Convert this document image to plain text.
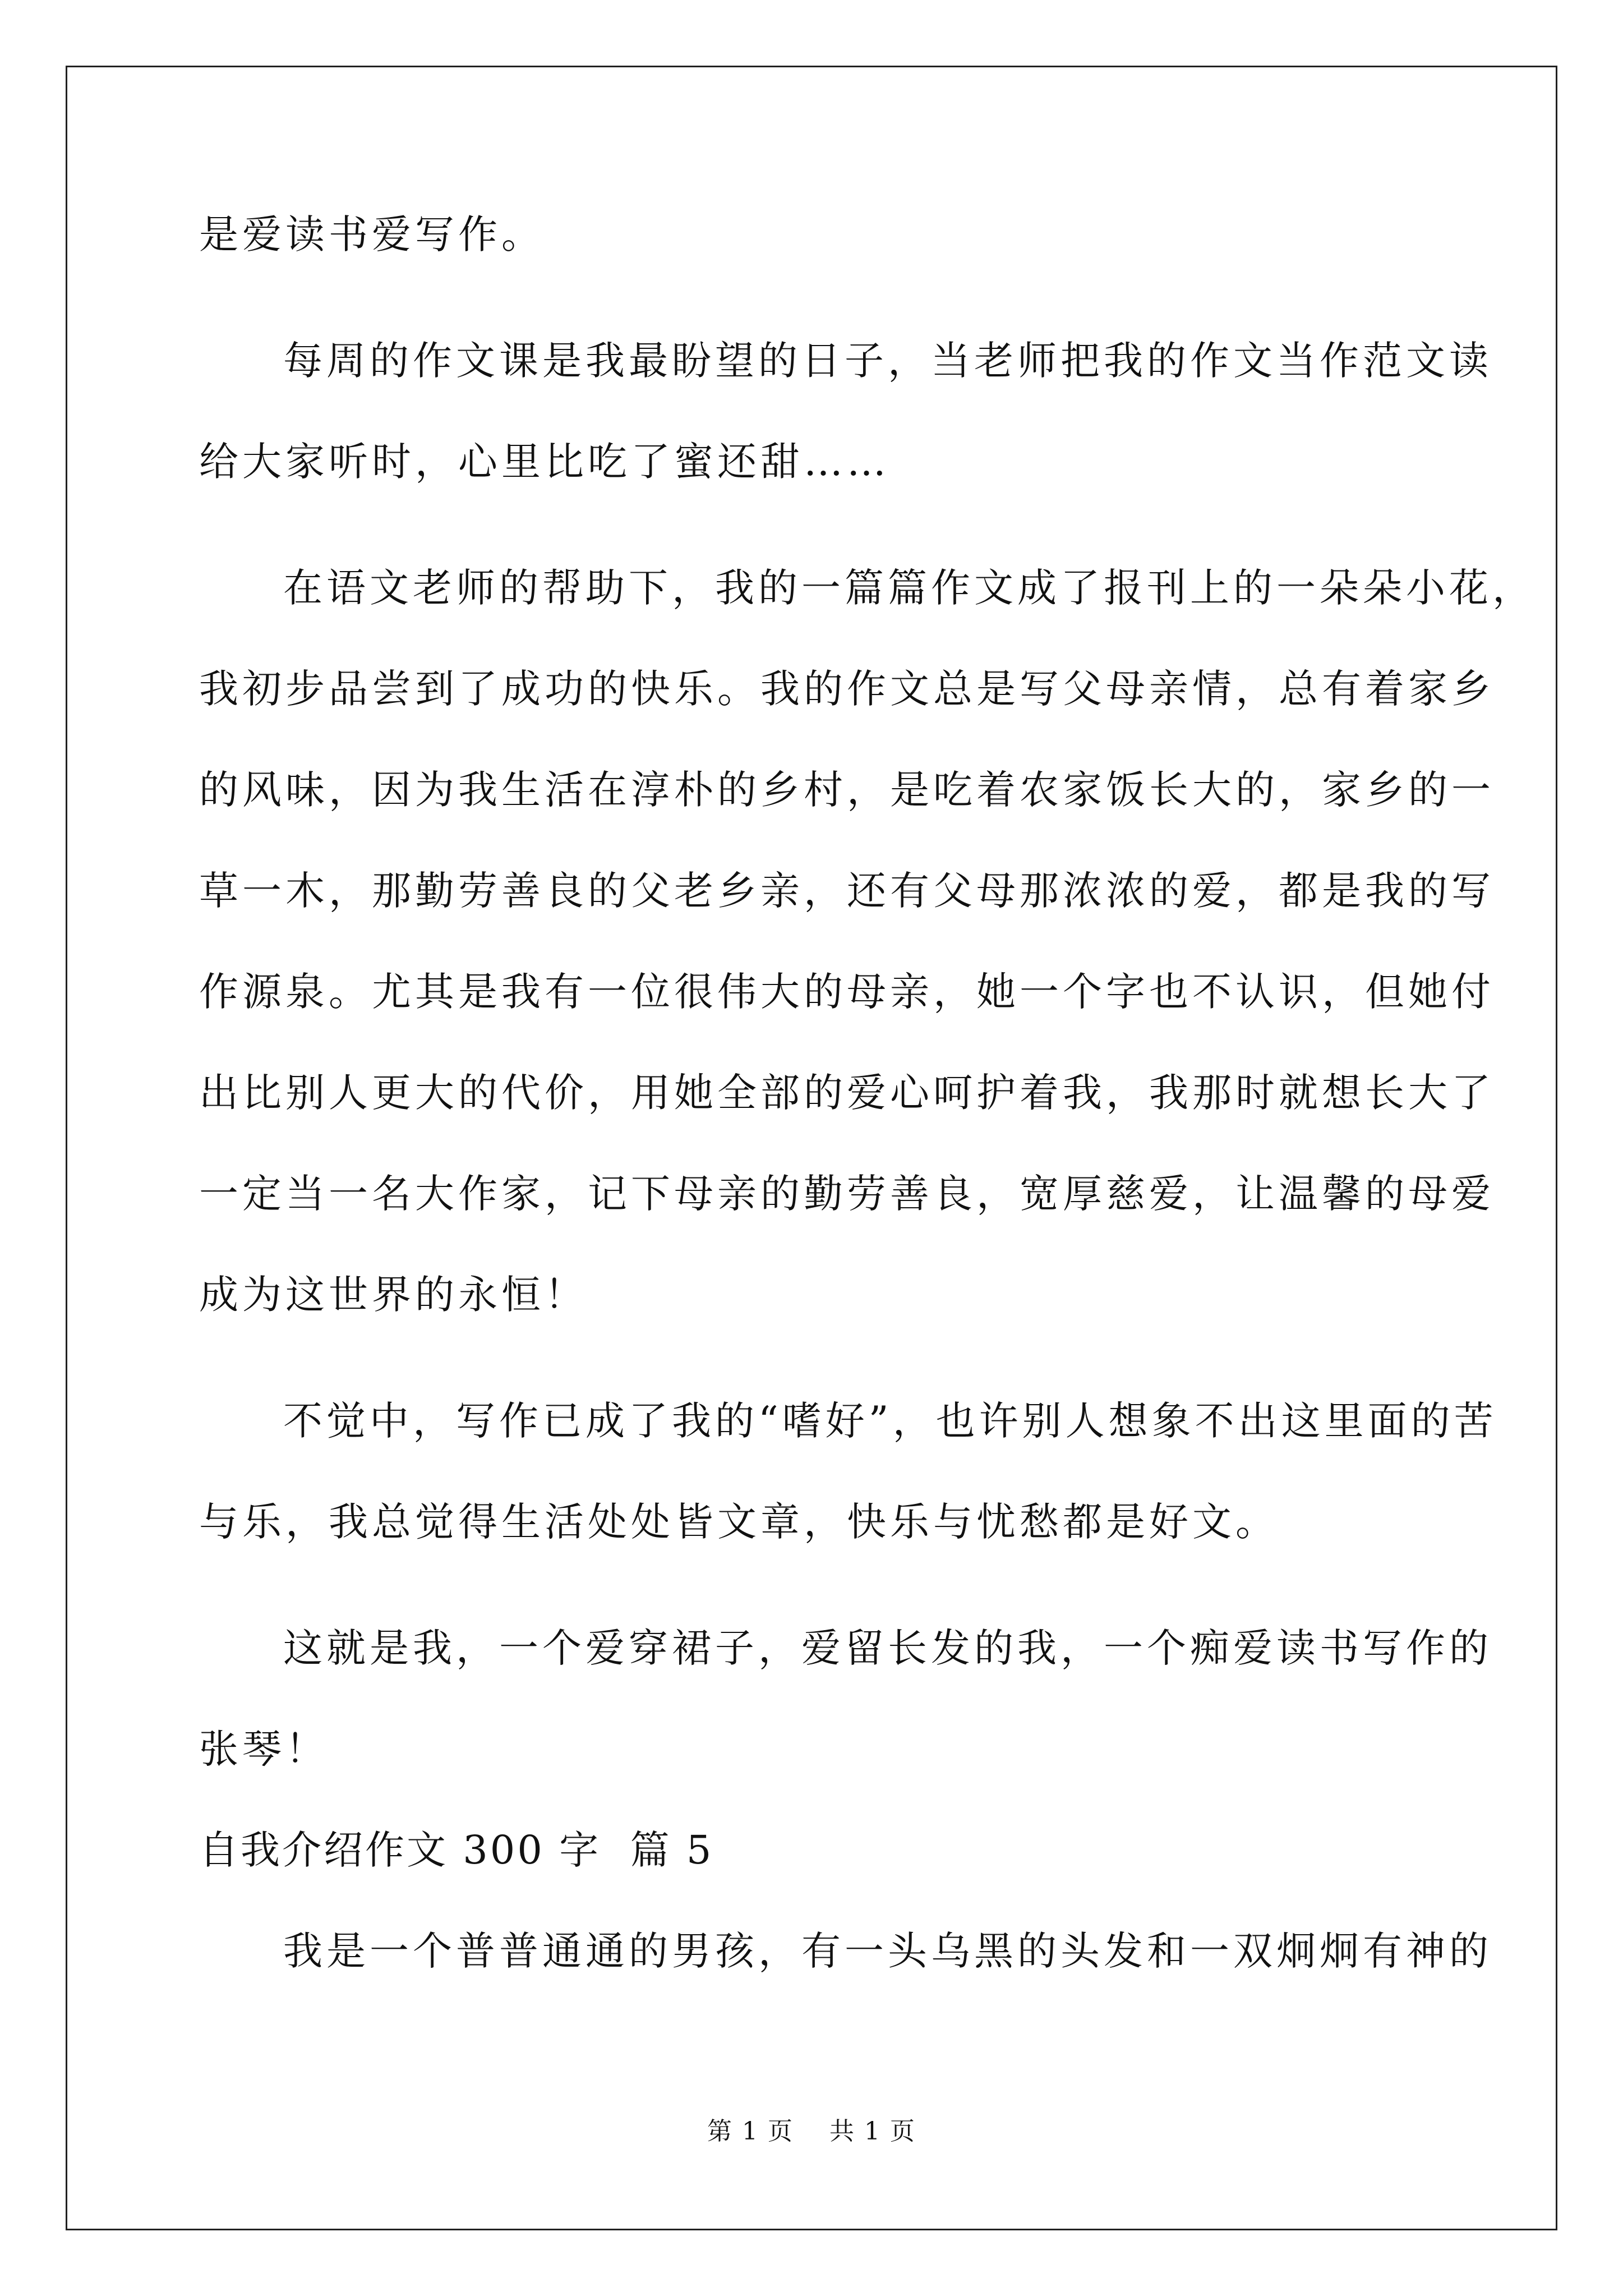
是爱读书爱写作。

每周的作文课是我最盼望的日子，当老师把我的作文当作范文读

给大家听时，心里比吃了蜜还甜……

在语文老师的帮助下，我的一篇篇作文成了报刊上的一朵朵小花，

我初步品尝到了成功的快乐。我的作文总是写父母亲情，总有着家乡

的风味，因为我生活在淳朴的乡村，是吃着农家饭长大的，家乡的一

草一木，那勤劳善良的父老乡亲，还有父母那浓浓的爱，都是我的写

作源泉。尤其是我有一位很伟大的母亲，她一个字也不认识，但她付

出比别人更大的代价，用她全部的爱心呵护着我，我那时就想长大了

一定当一名大作家，记下母亲的勤劳善良，宽厚慈爱，让温馨的母爱

成为这世界的永恒！

不觉中，写作已成了我的“嗜好”，也许别人想象不出这里面的苦

与乐，我总觉得生活处处皆文章，快乐与忧愁都是好文。

这就是我，一个爱穿裙子，爱留长发的我，一个痴爱读书写作的

张琴！

自我介绍作文 300 字  篇 5

我是一个普普通通的男孩，有一头乌黑的头发和一双炯炯有神的

第 1 页    共 1 页
